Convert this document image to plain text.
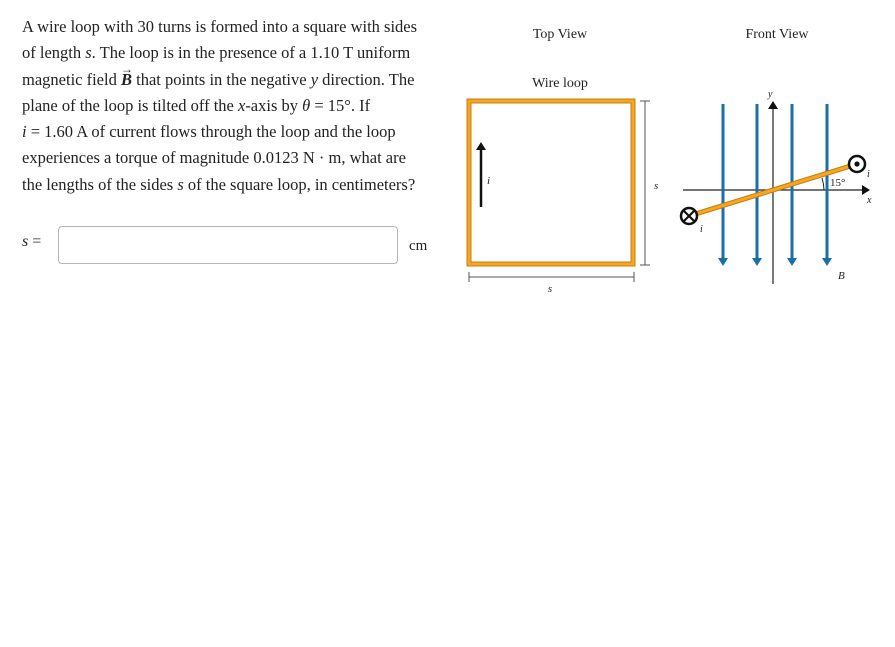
A wire loop with 30 turns is formed into a square with sides
of length s. The loop is in the presence of a 1.10 T uniform
magnetic field → B that points in the negative y direction. The
plane of the loop is tilted off the x-axis by θ = 15°. If
i = 1.60 A of current flows through the loop and the loop
experiences a torque of magnitude 0.0123 N · m, what are
the lengths of the sides s of the square loop, in centimeters?
s =	cm
Top View
Wire loop
i	s
s
Front View
y
x
B
15°
i
i
